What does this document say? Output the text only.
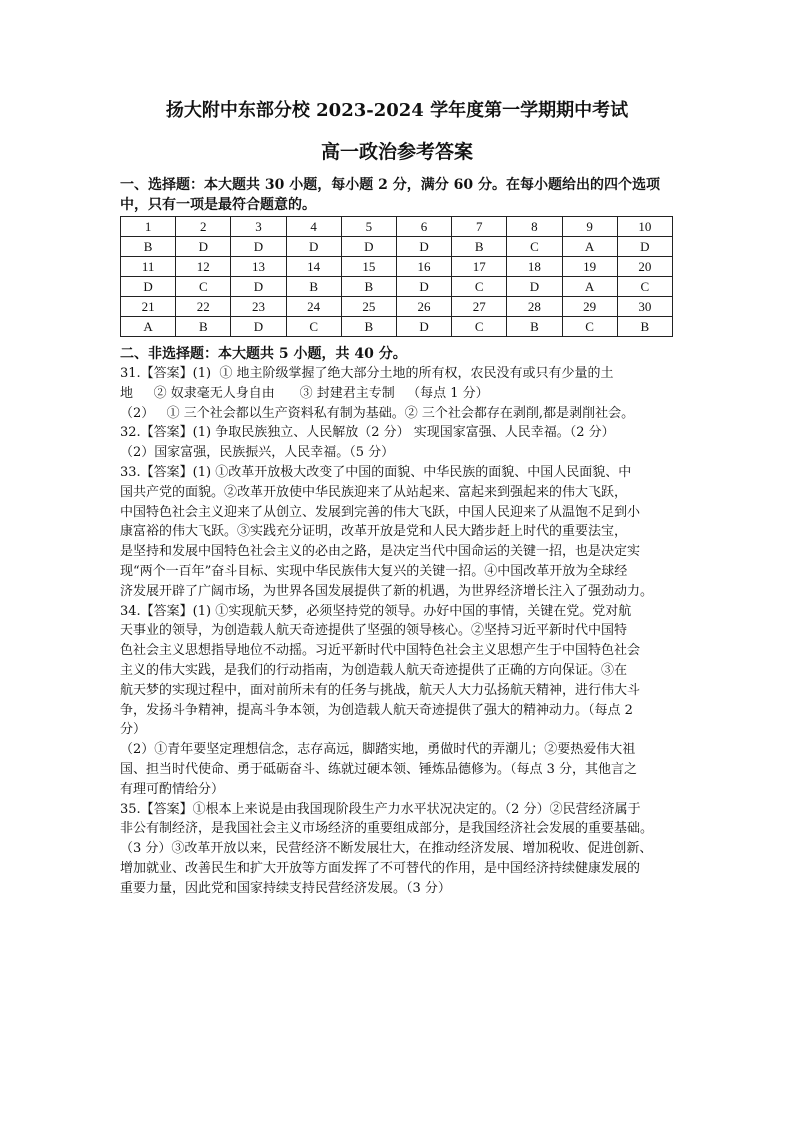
扬大附中东部分校 2023-2024 学年度第一学期期中考试
高一政治参考答案
一、选择题：本大题共 30 小题，每小题 2 分，满分 60 分。在每小题给出的四个选项中，只有一项是最符合题意的。
1	2	3	4	5	6	7	8	9	10
B	D	D	D	D	D	B	C	A	D
11	12	13	14	15	16	17	18	19	20
D	C	D	B	B	D	C	D	A	C
21	22	23	24	25	26	27	28	29	30
A	B	D	C	B	D	C	B	C	B
二、非选择题：本大题共 5 小题，共 40 分。

31.【答案】(1)  ① 地主阶级掌握了绝大部分土地的所有权，农民没有或只有少量的土

地     ② 奴隶毫无人身自由      ③ 封建君主专制   （每点 1 分）

（2）   ① 三个社会都以生产资料私有制为基础。② 三个社会都存在剥削,都是剥削社会。

32.【答案】(1) 争取民族独立、人民解放（2 分） 实现国家富强、人民幸福。（2 分）

（2）国家富强，民族振兴，人民幸福。（5 分）

33.【答案】(1) ①改革开放极大改变了中国的面貌、中华民族的面貌、中国人民面貌、中

国共产党的面貌。②改革开放使中华民族迎来了从站起来、富起来到强起来的伟大飞跃，

中国特色社会主义迎来了从创立、发展到完善的伟大飞跃，中国人民迎来了从温饱不足到小

康富裕的伟大飞跃。③实践充分证明，改革开放是党和人民大踏步赶上时代的重要法宝，

是坚持和发展中国特色社会主义的必由之路，是决定当代中国命运的关键一招，也是决定实

现“两个一百年”奋斗目标、实现中华民族伟大复兴的关键一招。④中国改革开放为全球经

济发展开辟了广阔市场，为世界各国发展提供了新的机遇，为世界经济增长注入了强劲动力。

34.【答案】(1) ①实现航天梦，必须坚持党的领导。办好中国的事情，关键在党。党对航

天事业的领导，为创造载人航天奇迹提供了坚强的领导核心。②坚持习近平新时代中国特

色社会主义思想指导地位不动摇。习近平新时代中国特色社会主义思想产生于中国特色社会

主义的伟大实践，是我们的行动指南，为创造载人航天奇迹提供了正确的方向保证。③在

航天梦的实现过程中，面对前所未有的任务与挑战，航天人大力弘扬航天精神，进行伟大斗

争，发扬斗争精神，提高斗争本领，为创造载人航天奇迹提供了强大的精神动力。（每点 2

分）

（2）①青年要坚定理想信念，志存高远，脚踏实地，勇做时代的弄潮儿；②要热爱伟大祖

国、担当时代使命、勇于砥砺奋斗、练就过硬本领、锤炼品德修为。（每点 3 分，其他言之

有理可酌情给分）

35.【答案】①根本上来说是由我国现阶段生产力水平状况决定的。（2 分）②民营经济属于

非公有制经济，是我国社会主义市场经济的重要组成部分，是我国经济社会发展的重要基础。

（3 分）③改革开放以来，民营经济不断发展壮大，在推动经济发展、增加税收、促进创新、

增加就业、改善民生和扩大开放等方面发挥了不可替代的作用，是中国经济持续健康发展的

重要力量，因此党和国家持续支持民营经济发展。（3 分）
